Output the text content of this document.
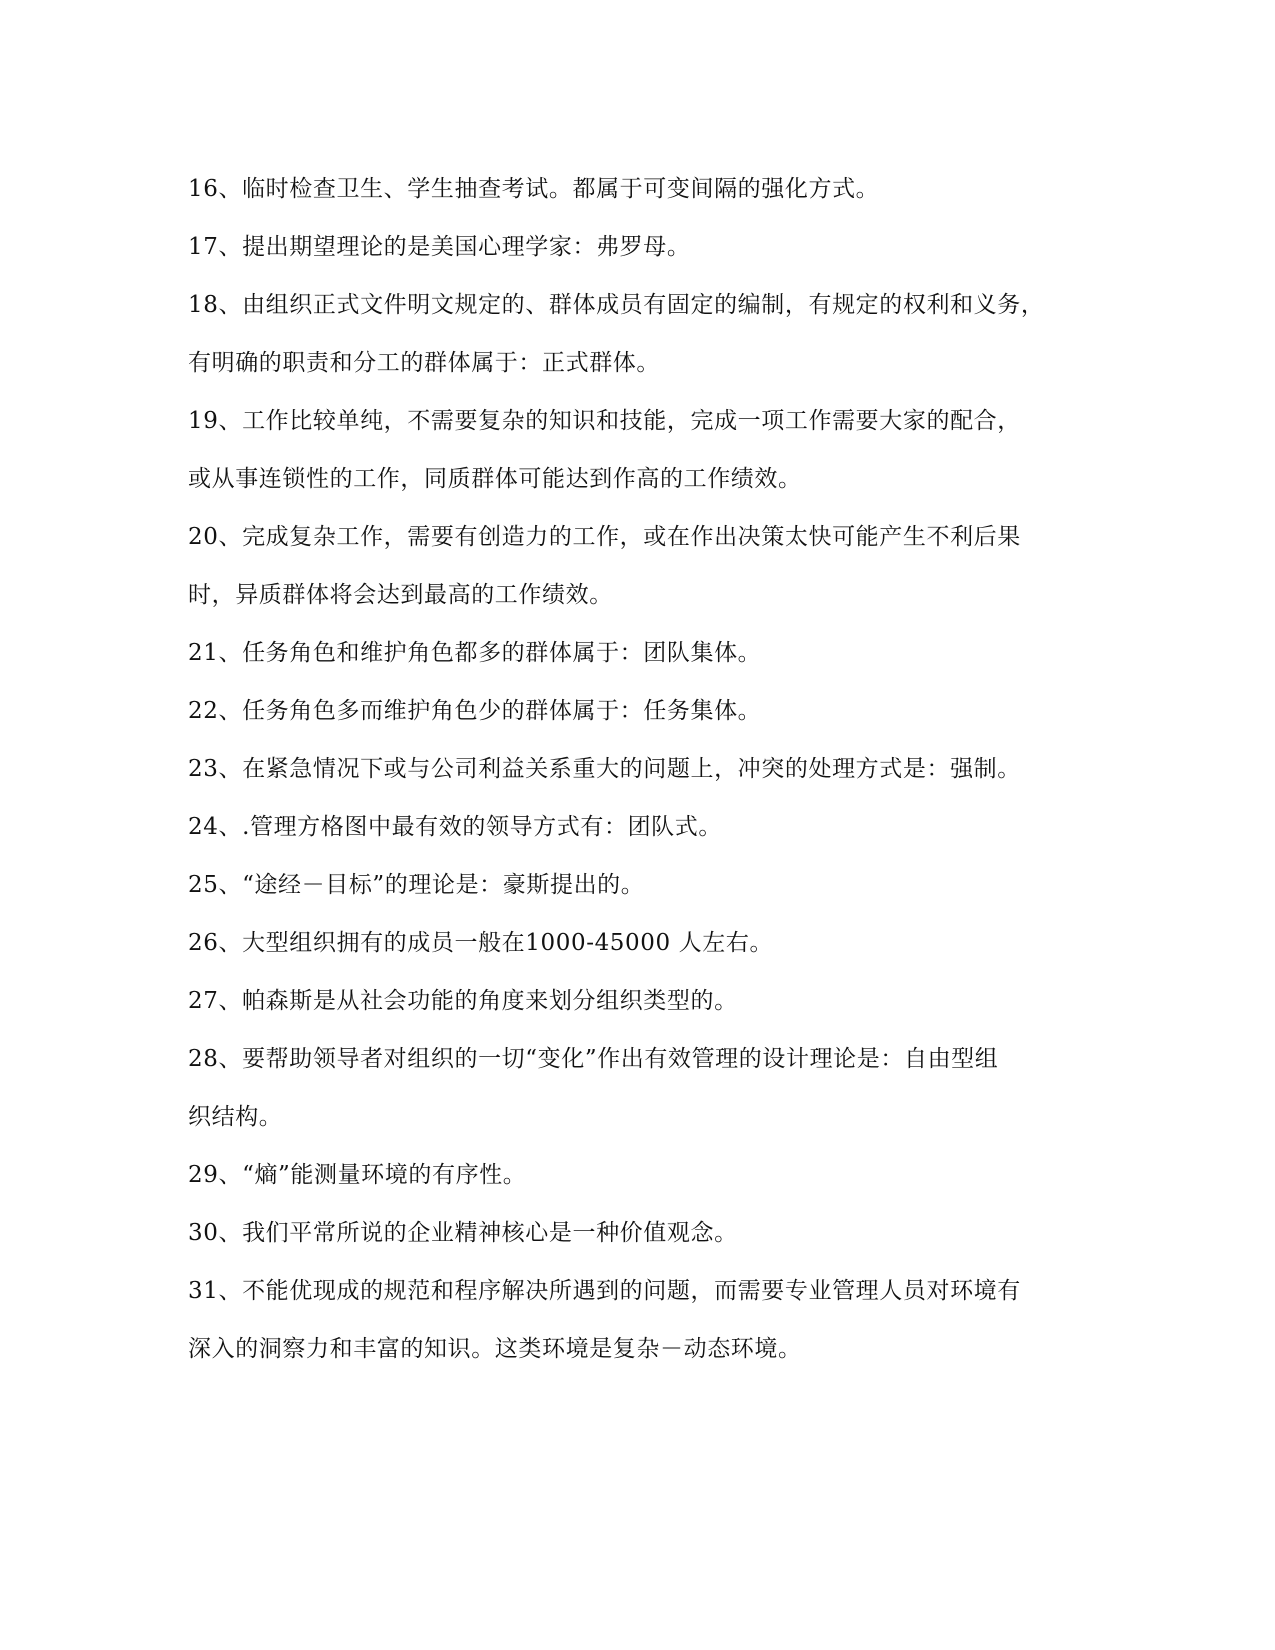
16、临时检查卫生、学生抽查考试。都属于可变间隔的强化方式。
17、提出期望理论的是美国心理学家：弗罗母。
18、由组织正式文件明文规定的、群体成员有固定的编制，有规定的权利和义务，
有明确的职责和分工的群体属于：正式群体。
19、工作比较单纯，不需要复杂的知识和技能，完成一项工作需要大家的配合，
或从事连锁性的工作，同质群体可能达到作高的工作绩效。
20、完成复杂工作，需要有创造力的工作，或在作出决策太快可能产生不利后果
时，异质群体将会达到最高的工作绩效。
21、任务角色和维护角色都多的群体属于：团队集体。
22、任务角色多而维护角色少的群体属于：任务集体。
23、在紧急情况下或与公司利益关系重大的问题上，冲突的处理方式是：强制。
24、.管理方格图中最有效的领导方式有：团队式。
25、“途经－目标”的理论是：豪斯提出的。
26、大型组织拥有的成员一般在1000-45000 人左右。
27、帕森斯是从社会功能的角度来划分组织类型的。
28、要帮助领导者对组织的一切“变化”作出有效管理的设计理论是：自由型组
织结构。
29、“熵”能测量环境的有序性。
30、我们平常所说的企业精神核心是一种价值观念。
31、不能优现成的规范和程序解决所遇到的问题，而需要专业管理人员对环境有
深入的洞察力和丰富的知识。这类环境是复杂－动态环境。
